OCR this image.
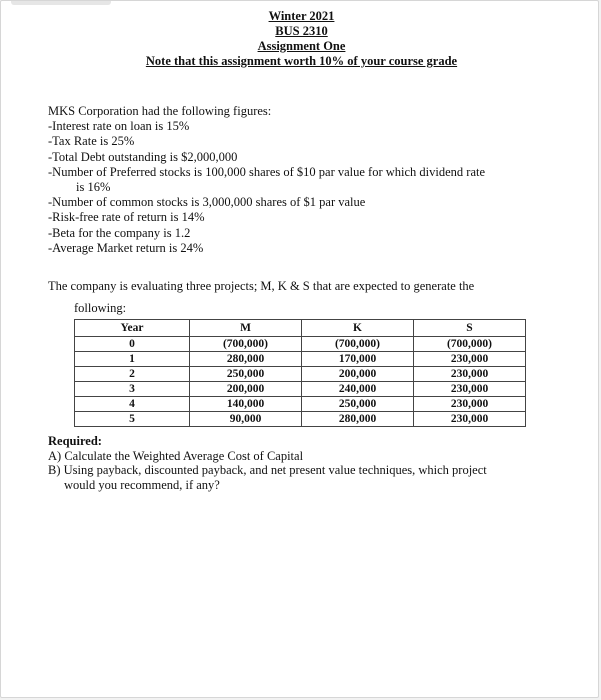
Winter 2021
BUS 2310
Assignment One
Note that this assignment worth 10% of your course grade
MKS Corporation had the following figures:
-Interest rate on loan is 15%
-Tax Rate is 25%
-Total Debt outstanding is $2,000,000
-Number of Preferred stocks is 100,000 shares of $10 par value for which dividend rate
is 16%
-Number of common stocks is 3,000,000 shares of $1 par value
-Risk-free rate of return is 14%
-Beta for the company is 1.2
-Average Market return is 24%
The company is evaluating three projects; M, K & S that are expected to generate the
following:
Year	M	K	S
0	(700,000)	(700,000)	(700,000)
1	280,000	170,000	230,000
2	250,000	200,000	230,000
3	200,000	240,000	230,000
4	140,000	250,000	230,000
5	90,000	280,000	230,000
Required:
A) Calculate the Weighted Average Cost of Capital
B) Using payback, discounted payback, and net present value techniques, which project
would you recommend, if any?
